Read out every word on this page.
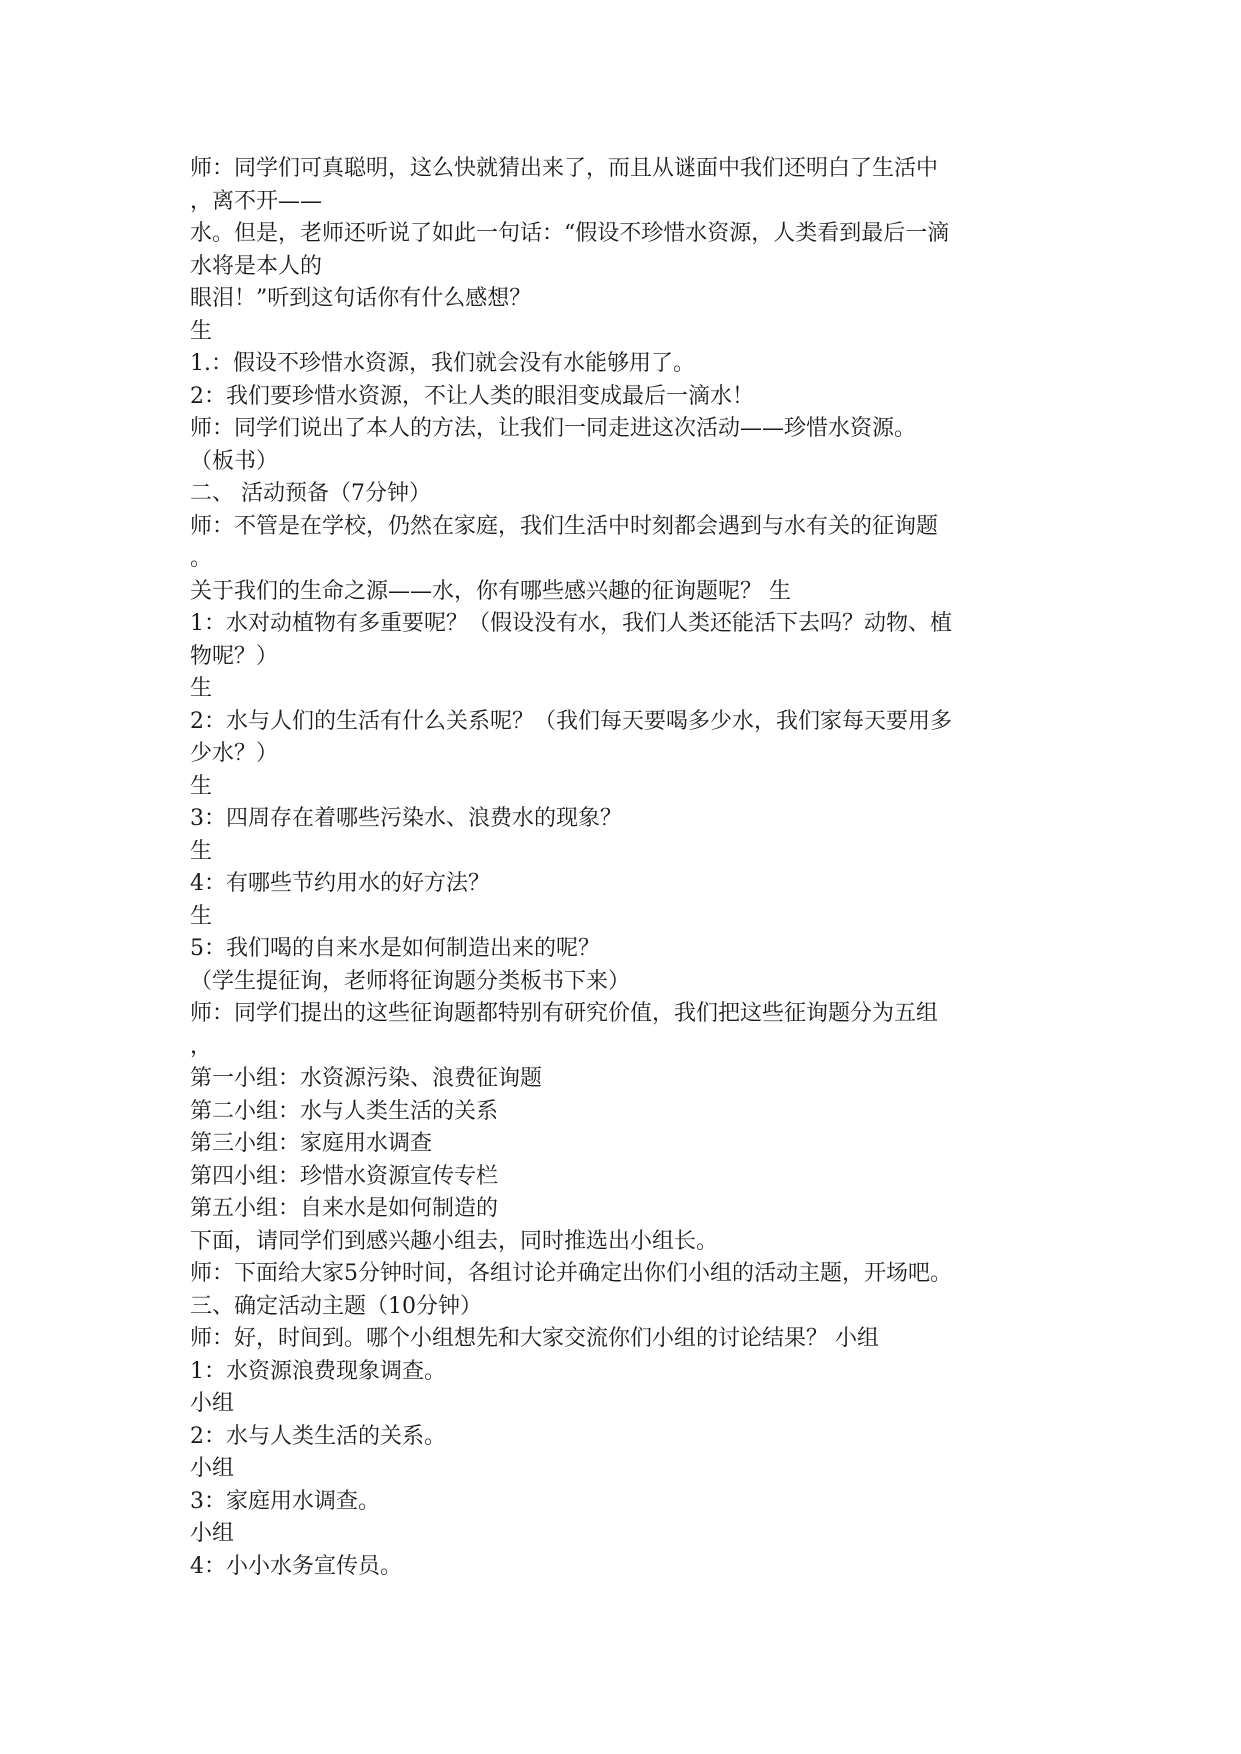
师：同学们可真聪明，这么快就猜出来了，而且从谜面中我们还明白了生活中
，离不开——
水。但是，老师还听说了如此一句话：“假设不珍惜水资源，人类看到最后一滴
水将是本人的
眼泪！”听到这句话你有什么感想？
生
1.：假设不珍惜水资源，我们就会没有水能够用了。
2：我们要珍惜水资源，不让人类的眼泪变成最后一滴水！
师：同学们说出了本人的方法，让我们一同走进这次活动——珍惜水资源。
（板书）
二、 活动预备（7分钟）
师：不管是在学校，仍然在家庭，我们生活中时刻都会遇到与水有关的征询题
。
关于我们的生命之源——水，你有哪些感兴趣的征询题呢？ 生
1：水对动植物有多重要呢？（假设没有水，我们人类还能活下去吗？动物、植
物呢？）
生
2：水与人们的生活有什么关系呢？（我们每天要喝多少水，我们家每天要用多
少水？）
生
3：四周存在着哪些污染水、浪费水的现象？
生
4：有哪些节约用水的好方法？
生
5：我们喝的自来水是如何制造出来的呢？
（学生提征询，老师将征询题分类板书下来）
师：同学们提出的这些征询题都特别有研究价值，我们把这些征询题分为五组
，
第一小组：水资源污染、浪费征询题
第二小组：水与人类生活的关系
第三小组：家庭用水调查
第四小组：珍惜水资源宣传专栏
第五小组：自来水是如何制造的
下面，请同学们到感兴趣小组去，同时推选出小组长。
师：下面给大家5分钟时间，各组讨论并确定出你们小组的活动主题，开场吧。
三、确定活动主题（10分钟）
师：好，时间到。哪个小组想先和大家交流你们小组的讨论结果？ 小组
1：水资源浪费现象调查。
小组
2：水与人类生活的关系。
小组
3：家庭用水调查。
小组
4：小小水务宣传员。
